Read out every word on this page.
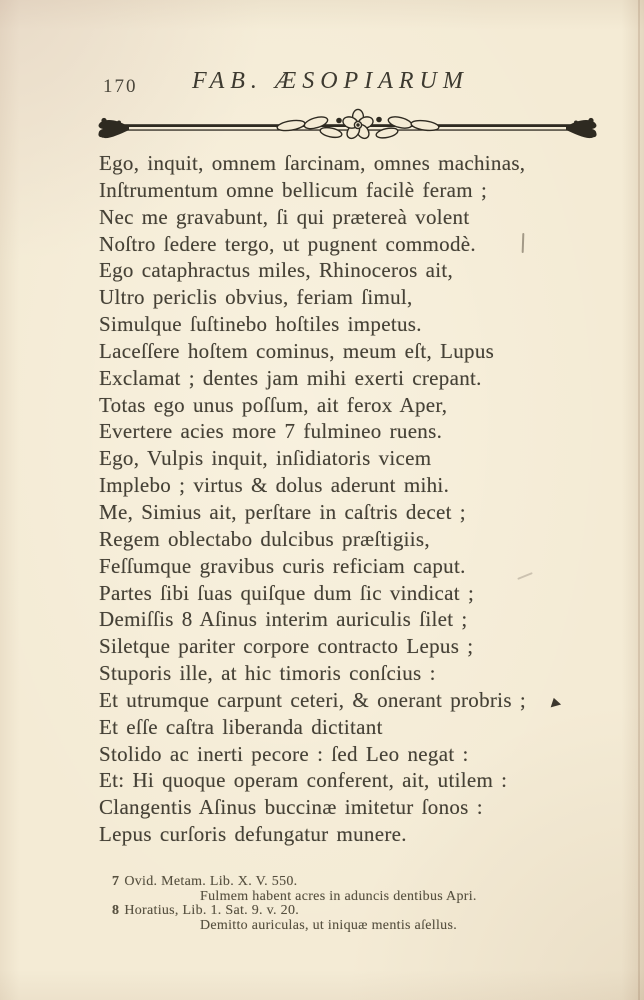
170 FAB. ÆSOPIARUM
Ego, inquit, omnem ſarcinam, omnes machinas,
Inſtrumentum omne bellicum facilè feram ;
Nec me gravabunt, ſi qui prætereà volent
Noſtro ſedere tergo, ut pugnent commodè.
Ego cataphractus miles, Rhinoceros ait,
Ultro periclis obvius, feriam ſimul,
Simulque ſuſtinebo hoſtiles impetus.
Laceſſere hoſtem cominus, meum eſt, Lupus
Exclamat ; dentes jam mihi exerti crepant.
Totas ego unus poſſum, ait ferox Aper,
Evertere acies more 7 fulmineo ruens.
Ego, Vulpis inquit, inſidiatoris vicem
Implebo ; virtus & dolus aderunt mihi.
Me, Simius ait, perſtare in caſtris decet ;
Regem oblectabo dulcibus præſtigiis,
Feſſumque gravibus curis reficiam caput.
Partes ſibi ſuas quiſque dum ſic vindicat ;
Demiſſis 8 Aſinus interim auriculis ſilet ;
Siletque pariter corpore contracto Lepus ;
Stuporis ille, at hic timoris conſcius :
Et utrumque carpunt ceteri, & onerant probris ;
Et eſſe caſtra liberanda dictitant
Stolido ac inerti pecore : ſed Leo negat :
Et: Hi quoque operam conferent, ait, utilem :
Clangentis Aſinus buccinæ imitetur ſonos :
Lepus curſoris defungatur munere.
7 Ovid. Metam. Lib. X. V. 550.
Fulmem habent acres in aduncis dentibus Apri.
8 Horatius, Lib. 1. Sat. 9. v. 20.
Demitto auriculas, ut iniquæ mentis aſellus.
